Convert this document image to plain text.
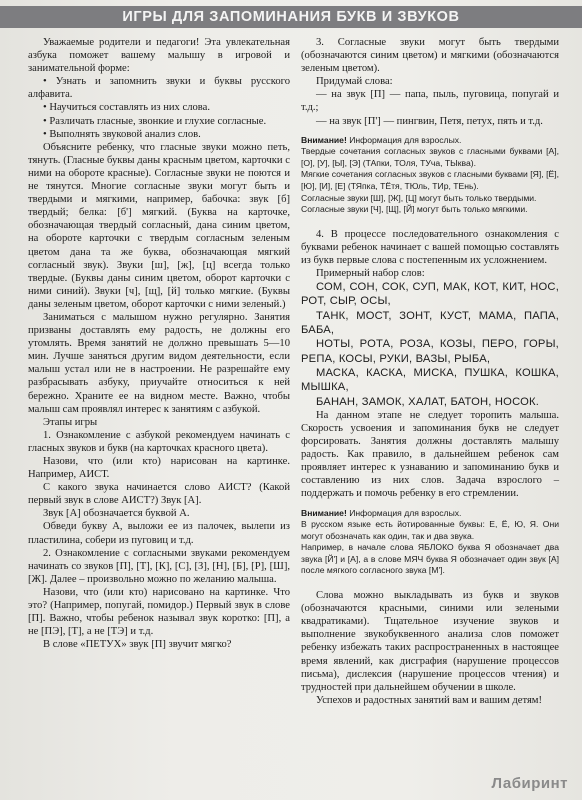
ИГРЫ ДЛЯ ЗАПОМИНАНИЯ БУКВ И ЗВУКОВ

Уважаемые родители и педагоги! Эта увлекательная азбука поможет вашему малышу в игровой и занимательной форме:

• Узнать и запомнить звуки и буквы русского алфавита.

• Научиться составлять из них слова.

• Различать гласные, звонкие и глухие согласные.

• Выполнять звуковой анализ слов.

Объясните ребенку, что гласные звуки можно петь, тянуть. (Гласные буквы даны красным цветом, карточки с ними на обороте красные). Согласные звуки не поются и не тянутся. Многие согласные звуки могут быть и твердыми и мягкими, например, бабочка: звук [б] твердый; белка: [б'] мягкий. (Буква на карточке, обозначающая твердый согласный, дана синим цветом, на обороте карточки с твердым согласным зеленым цветом дана та же буква, обозначающая мягкий согласный звук). Звуки [ш], [ж], [ц] всегда только твердые. (Буквы даны синим цветом, оборот карточки с ними синий). Звуки [ч], [щ], [й] только мягкие. (Буквы даны зеленым цветом, оборот карточки с ними зеленый.)

Заниматься с малышом нужно регулярно. Занятия призваны доставлять ему радость, не должны его утомлять. Время занятий не должно превышать 5—10 мин. Лучше заняться другим видом деятельности, если малыш устал или не в настроении. Не разрешайте ему разбрасывать азбуку, приучайте относиться к ней бережно. Храните ее на видном месте. Важно, чтобы малыш сам проявлял интерес к занятиям с азбукой.

Этапы игры

1. Ознакомление с азбукой рекомендуем начинать с гласных звуков и букв (на карточках красного цвета).

Назови, что (или кто) нарисован на картинке. Например, АИСТ.

С какого звука начинается слово АИСТ? (Какой первый звук в слове АИСТ?) Звук [А].

Звук [А] обозначается буквой А.

Обведи букву А, выложи ее из палочек, вылепи из пластилина, собери из пуговиц и т.д.

2. Ознакомление с согласными звуками рекомендуем начинать со звуков [П], [Т], [К], [С], [З], [Н], [Б], [Р], [Ш], [Ж]. Далее – произвольно можно по желанию малыша.

Назови, что (или кто) нарисовано на картинке. Что это? (Например, попугай, помидор.) Первый звук в слове [П]. Важно, чтобы ребенок называл звук коротко: [П], а не [ПЭ], [Т], а не [ТЭ] и т.д.

В слове «ПЕТУХ» звук [П] звучит мягко?

3. Согласные звуки могут быть твердыми (обозначаются синим цветом) и мягкими (обозначаются зеленым цветом).

Придумай слова:

— на звук [П] — папа, пыль, пуговица, попугай и т.д.;

— на звук [П'] — пингвин, Петя, петух, пять и т.д.

Внимание! Информация для взрослых.

Твердые сочетания согласных звуков с гласными буквами [А], [О], [У], [Ы], [Э] (ТАпки, ТОля, ТУча, ТЫква).

Мягкие сочетания согласных звуков с гласными буквами [Я], [Ё], [Ю], [И], [Е] (ТЯпка, ТЁтя, ТЮль, ТИр, ТЕнь).

Согласные звуки [Ш], [Ж], [Ц] могут быть только твердыми.

Согласные звуки [Ч], [Щ], [Й] могут быть только мягкими.

4. В процессе последовательного ознакомления с буквами ребенок начинает с вашей помощью составлять из букв первые слова с постепенным их усложнением.

Примерный набор слов:

СОМ, СОН, СОК, СУП, МАК, КОТ, КИТ, НОС, РОТ, СЫР, ОСЫ,

ТАНК, МОСТ, ЗОНТ, КУСТ, МАМА, ПАПА, БАБА,

НОТЫ, РОТА, РОЗА, КОЗЫ, ПЕРО, ГОРЫ, РЕПА, КОСЫ, РУКИ, ВАЗЫ, РЫБА,

МАСКА, КАСКА, МИСКА, ПУШКА, КОШКА, МЫШКА,

БАНАН, ЗАМОК, ХАЛАТ, БАТОН, НОСОК.

На данном этапе не следует торопить малыша. Скорость усвоения и запоминания букв не следует форсировать. Занятия должны доставлять малышу радость. Как правило, в дальнейшем ребенок сам проявляет интерес к узнаванию и запоминанию букв и составлению из них слов. Задача взрослого – поддержать и помочь ребенку в его стремлении.

Внимание! Информация для взрослых.

В русском языке есть йотированные буквы: Е, Ё, Ю, Я. Они могут обозначать как один, так и два звука.

Например, в начале слова ЯБЛОКО буква Я обозначает два звука [Й'] и [А], а в слове МЯЧ буква Я обозначает один звук [А] после мягкого согласного звука [М'].

Слова можно выкладывать из букв и звуков (обозначаются красными, синими или зелеными квадратиками). Тщательное изучение звуков и выполнение звукобуквенного анализа слов поможет ребенку избежать таких распространенных в настоящее время явлений, как дисграфия (нарушение процессов письма), дислексия (нарушение процессов чтения) и трудностей при дальнейшем обучении в школе.

Успехов и радостных занятий вам и вашим детям!

Лабиринт
